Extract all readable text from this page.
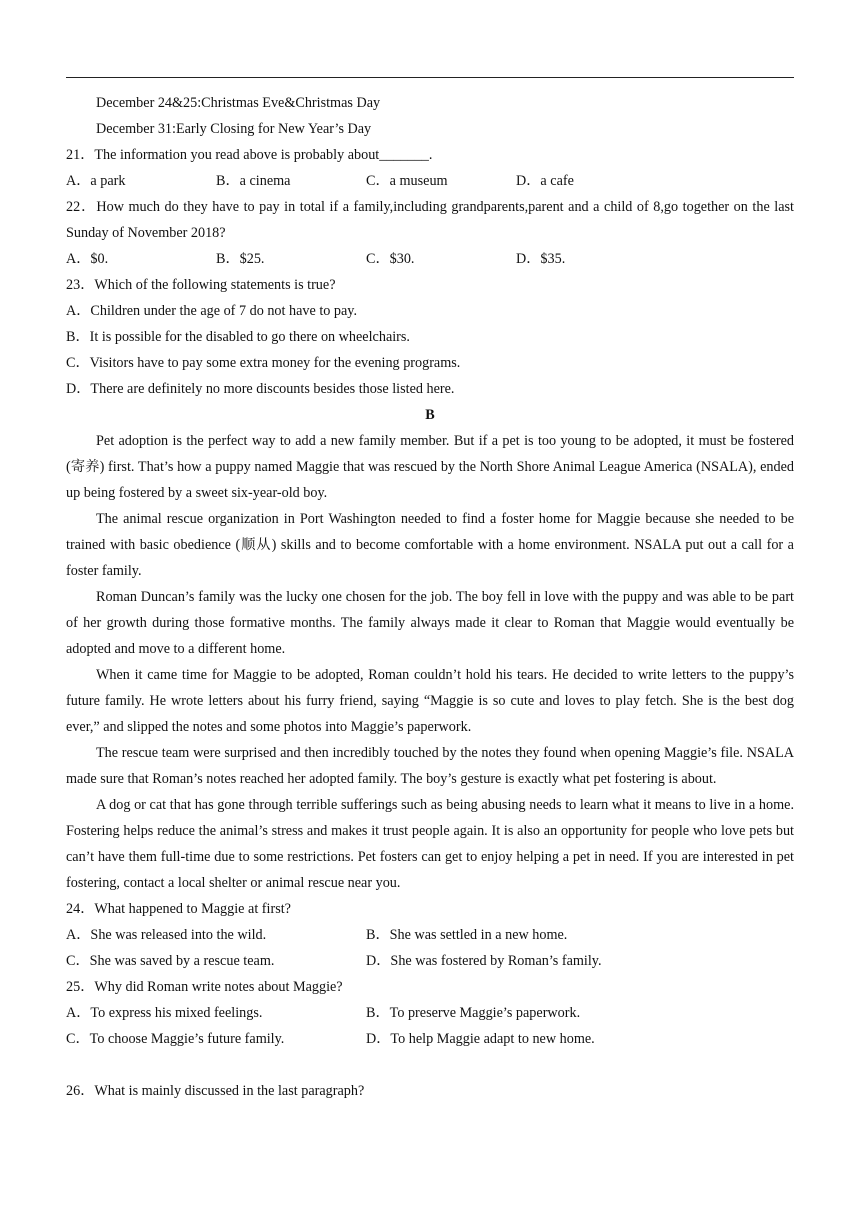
December 24&25:Christmas Eve&Christmas Day
December 31:Early Closing for New Year’s Day
21．The information you read above is probably about_______.
A．a park	B．a cinema	C．a museum	D．a cafe
22．How much do they have to pay in total if a family,including grandparents,parent and a child of 8,go together on the last Sunday of November 2018?
A．$0.	B．$25.	C．$30.	D．$35.
23．Which of the following statements is true?
A．Children under the age of 7 do not have to pay.
B．It is possible for the disabled to go there on wheelchairs.
C．Visitors have to pay some extra money for the evening programs.
D．There are definitely no more discounts besides those listed here.
B
Pet adoption is the perfect way to add a new family member. But if a pet is too young to be adopted, it must be fostered (寄养) first. That’s how a puppy named Maggie that was rescued by the North Shore Animal League America (NSALA), ended up being fostered by a sweet six-year-old boy.
The animal rescue organization in Port Washington needed to find a foster home for Maggie because she needed to be trained with basic obedience (顺从) skills and to become comfortable with a home environment. NSALA put out a call for a foster family.
Roman Duncan’s family was the lucky one chosen for the job. The boy fell in love with the puppy and was able to be part of her growth during those formative months. The family always made it clear to Roman that Maggie would eventually be adopted and move to a different home.
When it came time for Maggie to be adopted, Roman couldn’t hold his tears. He decided to write letters to the puppy’s future family. He wrote letters about his furry friend, saying “Maggie is so cute and loves to play fetch. She is the best dog ever,” and slipped the notes and some photos into Maggie’s paperwork.
The rescue team were surprised and then incredibly touched by the notes they found when opening Maggie’s file. NSALA made sure that Roman’s notes reached her adopted family. The boy’s gesture is exactly what pet fostering is about.
A dog or cat that has gone through terrible sufferings such as being abusing needs to learn what it means to live in a home. Fostering helps reduce the animal’s stress and makes it trust people again. It is also an opportunity for people who love pets but can’t have them full-time due to some restrictions. Pet fosters can get to enjoy helping a pet in need. If you are interested in pet fostering, contact a local shelter or animal rescue near you.
24．What happened to Maggie at first?
A．She was released into the wild.	B．She was settled in a new home.
C．She was saved by a rescue team.	D．She was fostered by Roman’s family.
25．Why did Roman write notes about Maggie?
A．To express his mixed feelings.	B．To preserve Maggie’s paperwork.
C．To choose Maggie’s future family.	D．To help Maggie adapt to new home.
26．What is mainly discussed in the last paragraph?
